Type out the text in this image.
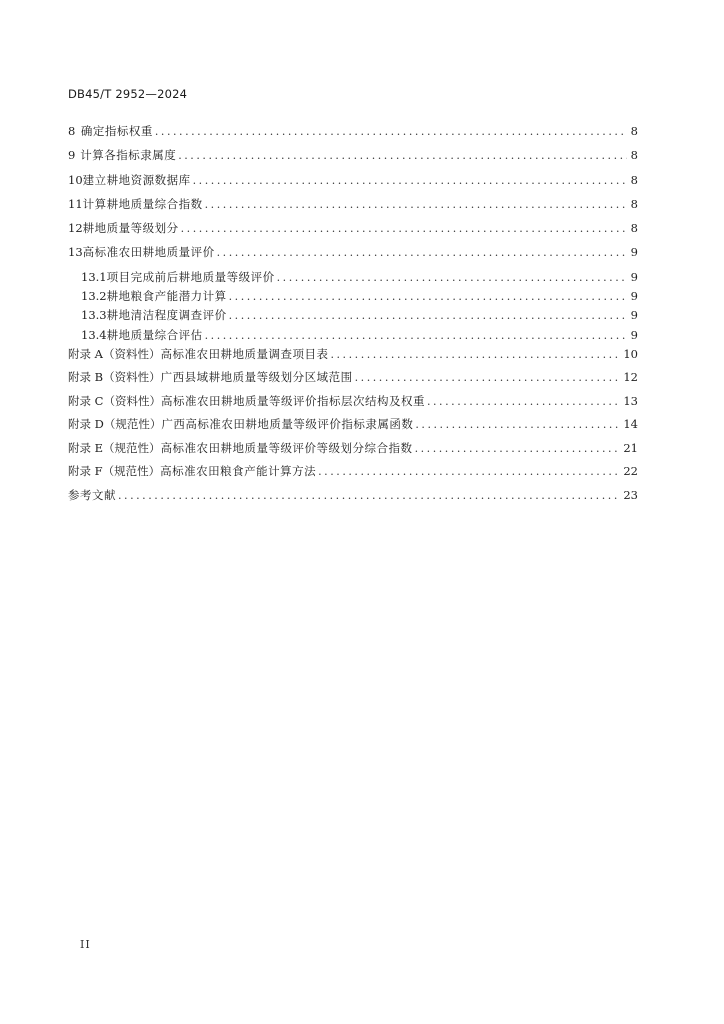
DB45/T 2952—2024
8 确定指标权重 .....	8
9 计算各指标隶属度 .....	8
10 建立耕地资源数据库 .....	8
11 计算耕地质量综合指数 .....	8
12 耕地质量等级划分 .....	8
13 高标准农田耕地质量评价 .....	9
13.1 项目完成前后耕地质量等级评价 .....	9
13.2 耕地粮食产能潜力计算 .....	9
13.3 耕地清洁程度调查评价 .....	9
13.4 耕地质量综合评估 .....	9
附录 A（资料性） 高标准农田耕地质量调查项目表 .....	10
附录 B（资料性） 广西县域耕地质量等级划分区域范围 .....	12
附录 C（资料性） 高标准农田耕地质量等级评价指标层次结构及权重 .....	13
附录 D（规范性） 广西高标准农田耕地质量等级评价指标隶属函数 .....	14
附录 E（规范性） 高标准农田耕地质量等级评价等级划分综合指数 .....	21
附录 F（规范性） 高标准农田粮食产能计算方法 .....	22
参考文献 .....	23
II
